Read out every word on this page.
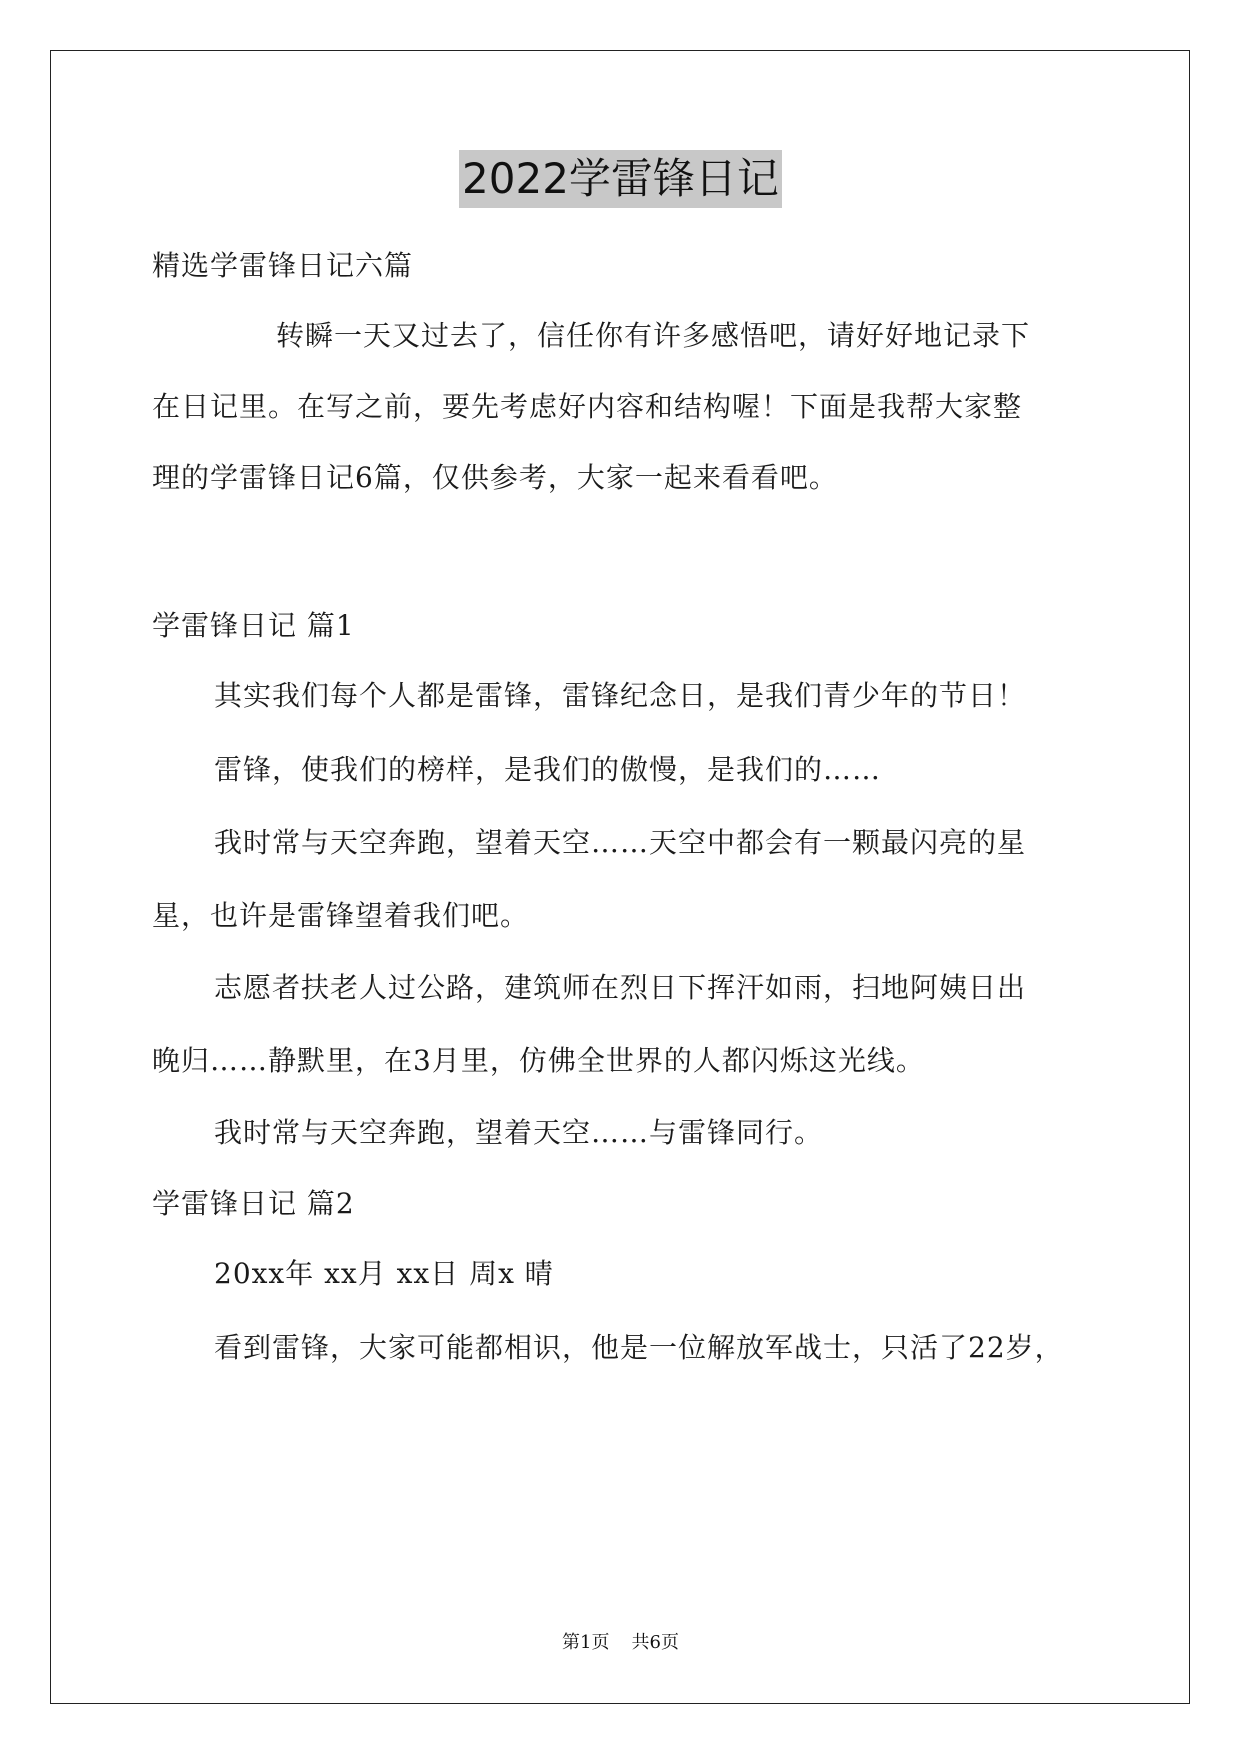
2022学雷锋日记
精选学雷锋日记六篇
转瞬一天又过去了，信任你有许多感悟吧，请好好地记录下
在日记里。在写之前，要先考虑好内容和结构喔！下面是我帮大家整
理的学雷锋日记6篇，仅供参考，大家一起来看看吧。
学雷锋日记 篇1
其实我们每个人都是雷锋，雷锋纪念日，是我们青少年的节日！
雷锋，使我们的榜样，是我们的傲慢，是我们的……
我时常与天空奔跑，望着天空……天空中都会有一颗最闪亮的星
星，也许是雷锋望着我们吧。
志愿者扶老人过公路，建筑师在烈日下挥汗如雨，扫地阿姨日出
晚归……静默里，在3月里，仿佛全世界的人都闪烁这光线。
我时常与天空奔跑，望着天空……与雷锋同行。
学雷锋日记 篇2
20xx年 xx月 xx日 周x 晴
看到雷锋，大家可能都相识，他是一位解放军战士，只活了22岁，
第1页 共6页
